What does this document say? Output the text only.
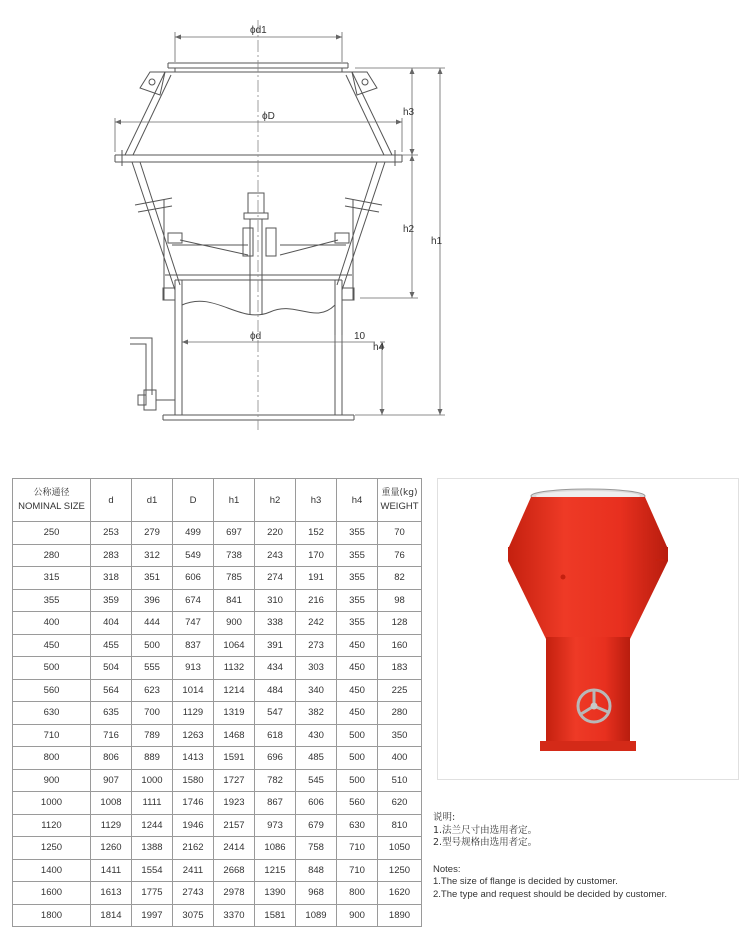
ϕd1
ϕD
ϕd	10
h1
h2
h3
h4
公称通径
NOMINAL SIZE	d	d1	D	h1	h2	h3	h4	重量(kg)
WEIGHT
250	253	279	499	697	220	152	355	70
280	283	312	549	738	243	170	355	76
315	318	351	606	785	274	191	355	82
355	359	396	674	841	310	216	355	98
400	404	444	747	900	338	242	355	128
450	455	500	837	1064	391	273	450	160
500	504	555	913	1132	434	303	450	183
560	564	623	1014	1214	484	340	450	225
630	635	700	1129	1319	547	382	450	280
710	716	789	1263	1468	618	430	500	350
800	806	889	1413	1591	696	485	500	400
900	907	1000	1580	1727	782	545	500	510
1000	1008	1111	1746	1923	867	606	560	620
1120	1129	1244	1946	2157	973	679	630	810
1250	1260	1388	2162	2414	1086	758	710	1050
1400	1411	1554	2411	2668	1215	848	710	1250
1600	1613	1775	2743	2978	1390	968	800	1620
1800	1814	1997	3075	3370	1581	1089	900	1890
说明:
1.法兰尺寸由选用者定。
2.型号规格由选用者定。
Notes:
1.The size of flange is decided by customer.
2.The type and request should be decided by customer.
